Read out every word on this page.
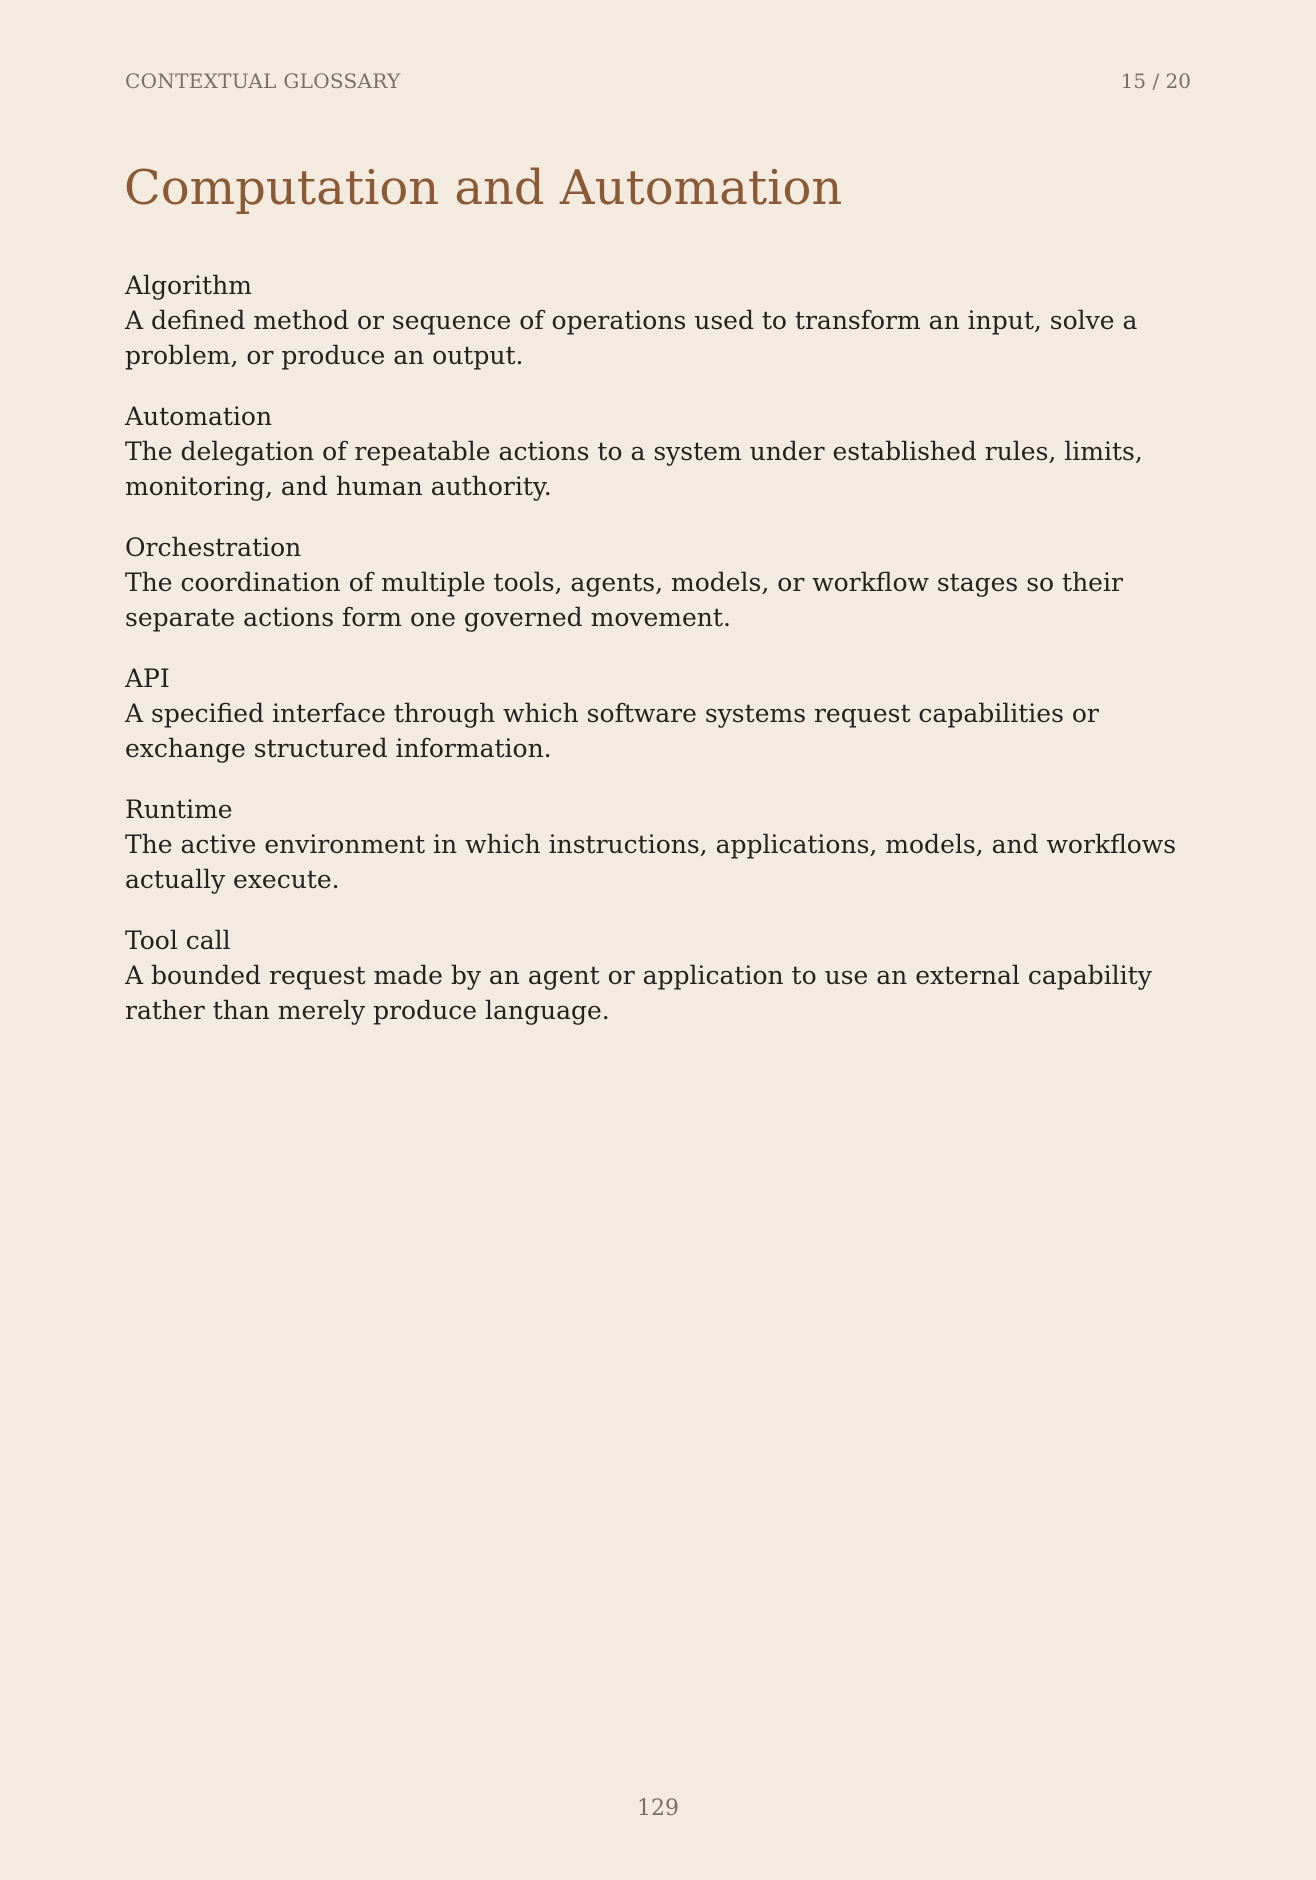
CONTEXTUAL GLOSSARY	15 / 20
Computation and Automation
Algorithm
A defined method or sequence of operations used to transform an input, solve a problem, or produce an output.
Automation
The delegation of repeatable actions to a system under established rules, limits, monitoring, and human authority.
Orchestration
The coordination of multiple tools, agents, models, or workflow stages so their separate actions form one governed movement.
API
A specified interface through which software systems request capabilities or exchange structured information.
Runtime
The active environment in which instructions, applications, models, and workflows actually execute.
Tool call
A bounded request made by an agent or application to use an external capability rather than merely produce language.
129
